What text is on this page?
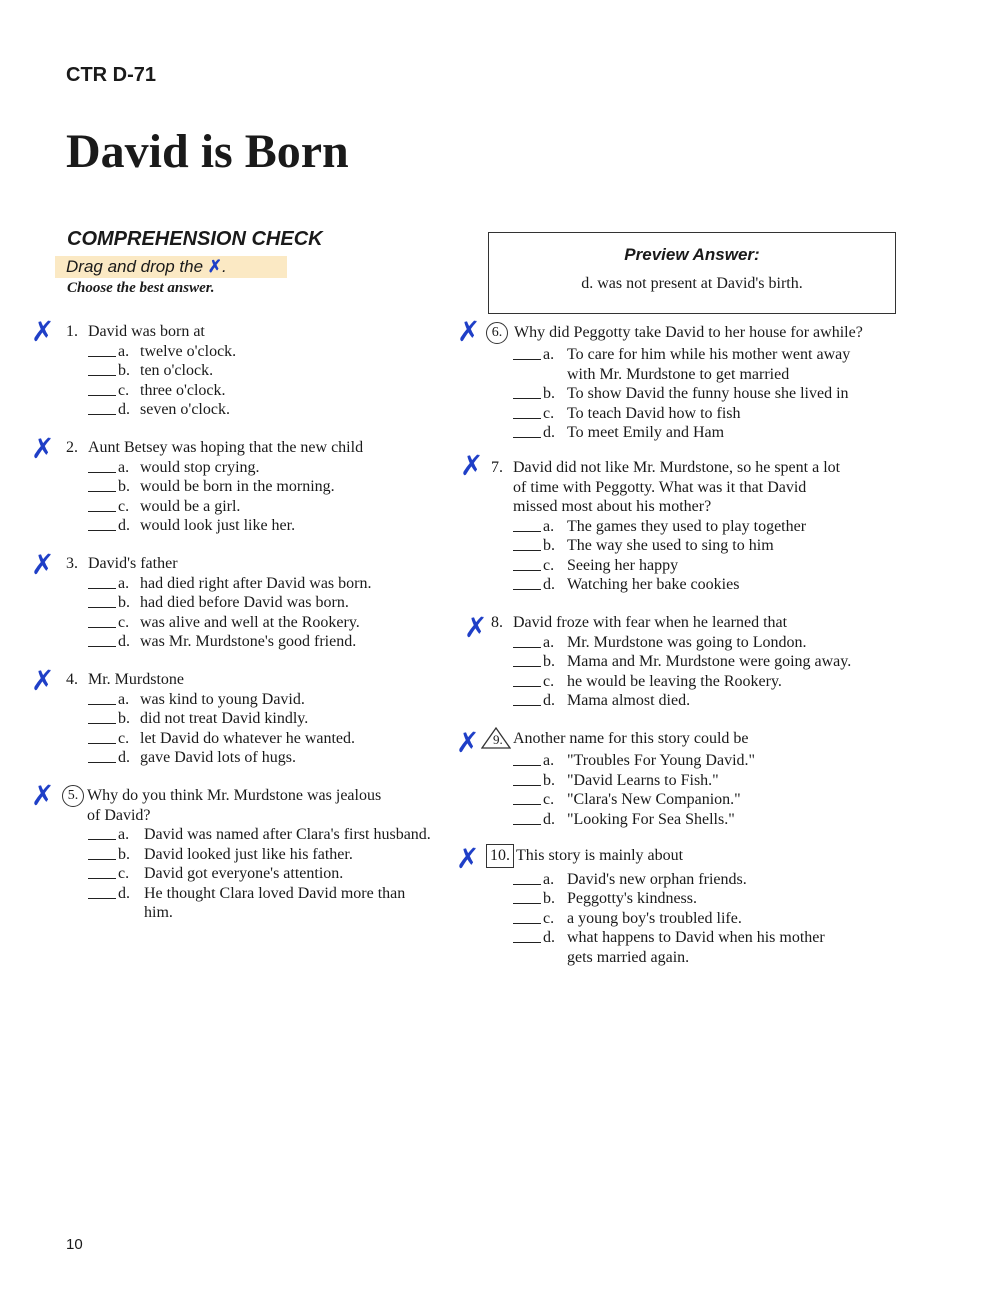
CTR D-71
David is Born
COMPREHENSION CHECK
Drag and drop the ✗.
Choose the best answer.
Preview Answer:
d. was not present at David's birth.
✗
✗
✗
✗
✗
✗
✗
✗
✗
✗
1. David was born at
a. twelve o'clock.
b. ten o'clock.
c. three o'clock.
d. seven o'clock.
2. Aunt Betsey was hoping that the new child
a. would stop crying.
b. would be born in the morning.
c. would be a girl.
d. would look just like her.
3. David's father
a. had died right after David was born.
b. had died before David was born.
c. was alive and well at the Rookery.
d. was Mr. Murdstone's good friend.
4. Mr. Murdstone
a. was kind to young David.
b. did not treat David kindly.
c. let David do whatever he wanted.
d. gave David lots of hugs.
5. Why do you think Mr. Murdstone was jealous
of David?
a. David was named after Clara's first husband.
b. David looked just like his father.
c. David got everyone's attention.
d. He thought Clara loved David more than
him.
6. Why did Peggotty take David to her house for awhile?
a. To care for him while his mother went away
with Mr. Murdstone to get married
b. To show David the funny house she lived in
c. To teach David how to fish
d. To meet Emily and Ham
7. David did not like Mr. Murdstone, so he spent a lot
of time with Peggotty. What was it that David
missed most about his mother?
a. The games they used to play together
b. The way she used to sing to him
c. Seeing her happy
d. Watching her bake cookies
8. David froze with fear when he learned that
a. Mr. Murdstone was going to London.
b. Mama and Mr. Murdstone were going away.
c. he would be leaving the Rookery.
d. Mama almost died.
9. Another name for this story could be
a. "Troubles For Young David."
b. "David Learns to Fish."
c. "Clara's New Companion."
d. "Looking For Sea Shells."
10. This story is mainly about
a. David's new orphan friends.
b. Peggotty's kindness.
c. a young boy's troubled life.
d. what happens to David when his mother
gets married again.
10
